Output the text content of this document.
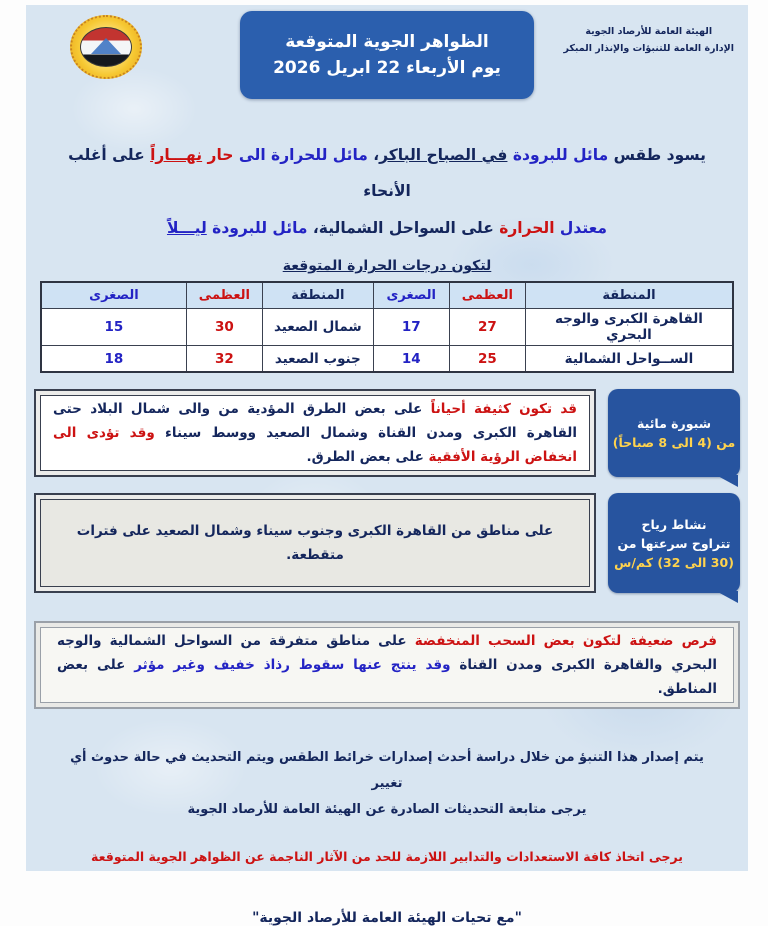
الظواهر الجوية المتوقعة
يوم الأربعاء 22 ابريل 2026
الهيئة العامة للأرصاد الجوية
الإدارة العامة للتنبؤات والإنذار المبكر

يسود طقس مائل للبرودة في الصباح الباكر، مائل للحرارة الى حار نهـــاراً على أغلب الأنحاء
معتدل الحرارة على السواحل الشمالية، مائل للبرودة ليـــلاً

لتكون درجات الحرارة المتوقعة
المنطقة	العظمى	الصغرى	المنطقة	العظمى	الصغرى
القاهرة الكبرى والوجه البحري	27	17	شمال الصعيد	30	15
الســواحل الشمالية	25	14	جنوب الصعيد	32	18
شبورة مائية
من (4 الى 8 صباحاً)

قد تكون كثيفة أحياناً على بعض الطرق المؤدية من والى شمال البلاد حتى القاهرة الكبرى ومدن القناة وشمال الصعيد ووسط سيناء وقد تؤدى الى انخفاض الرؤية الأفقية على بعض الطرق.

نشاط رياح
تتراوح سرعتها من
(30 الى 32) كم/س

على مناطق من القاهرة الكبرى وجنوب سيناء وشمال الصعيد على فترات متقطعة.

فرص ضعيفة لتكون بعض السحب المنخفضة على مناطق متفرقة من السواحل الشمالية والوجه البحري والقاهرة الكبرى ومدن القناة وقد ينتج عنها سقوط رذاذ خفيف وغير مؤثر على بعض المناطق.

يتم إصدار هذا التنبؤ من خلال دراسة أحدث إصدارات خرائط الطقس ويتم التحديث في حالة حدوث أي تغيير
يرجى متابعة التحديثات الصادرة عن الهيئة العامة للأرصاد الجوية
يرجى اتخاذ كافة الاستعدادات والتدابير اللازمة للحد من الآثار الناجمة عن الظواهر الجوية المتوقعة
"مع تحيات الهيئة العامة للأرصاد الجوية"
